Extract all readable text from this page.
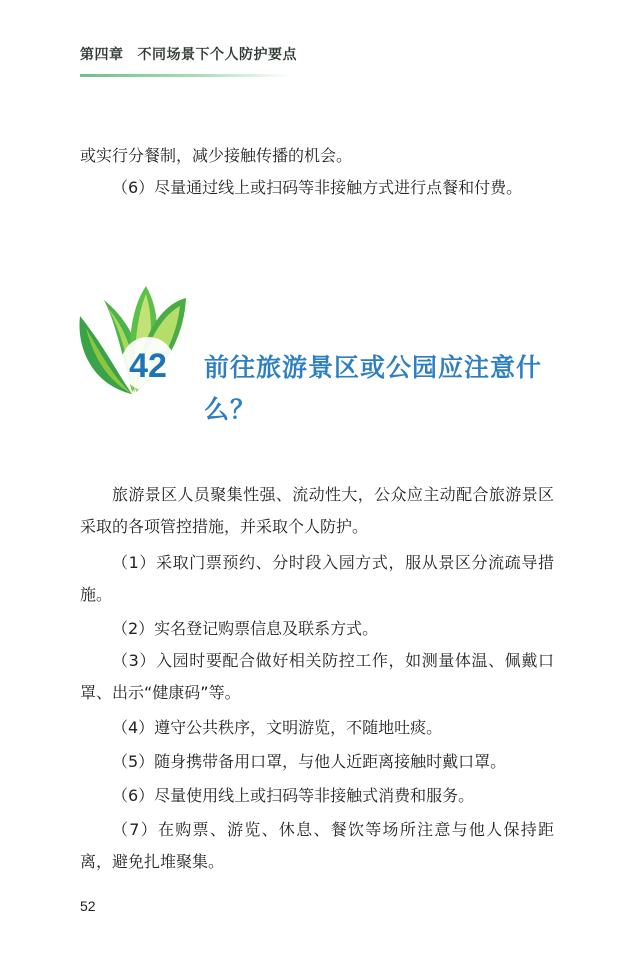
第四章 不同场景下个人防护要点

或实行分餐制，减少接触传播的机会。

（6）尽量通过线上或扫码等非接触方式进行点餐和付费。

42 前往旅游景区或公园应注意什么？

旅游景区人员聚集性强、流动性大，公众应主动配合旅游景区采取的各项管控措施，并采取个人防护。

（1）采取门票预约、分时段入园方式，服从景区分流疏导措施。

（2）实名登记购票信息及联系方式。

（3）入园时要配合做好相关防控工作，如测量体温、佩戴口罩、出示“健康码”等。

（4）遵守公共秩序，文明游览，不随地吐痰。

（5）随身携带备用口罩，与他人近距离接触时戴口罩。

（6）尽量使用线上或扫码等非接触式消费和服务。

（7）在购票、游览、休息、餐饮等场所注意与他人保持距离，避免扎堆聚集。

52
